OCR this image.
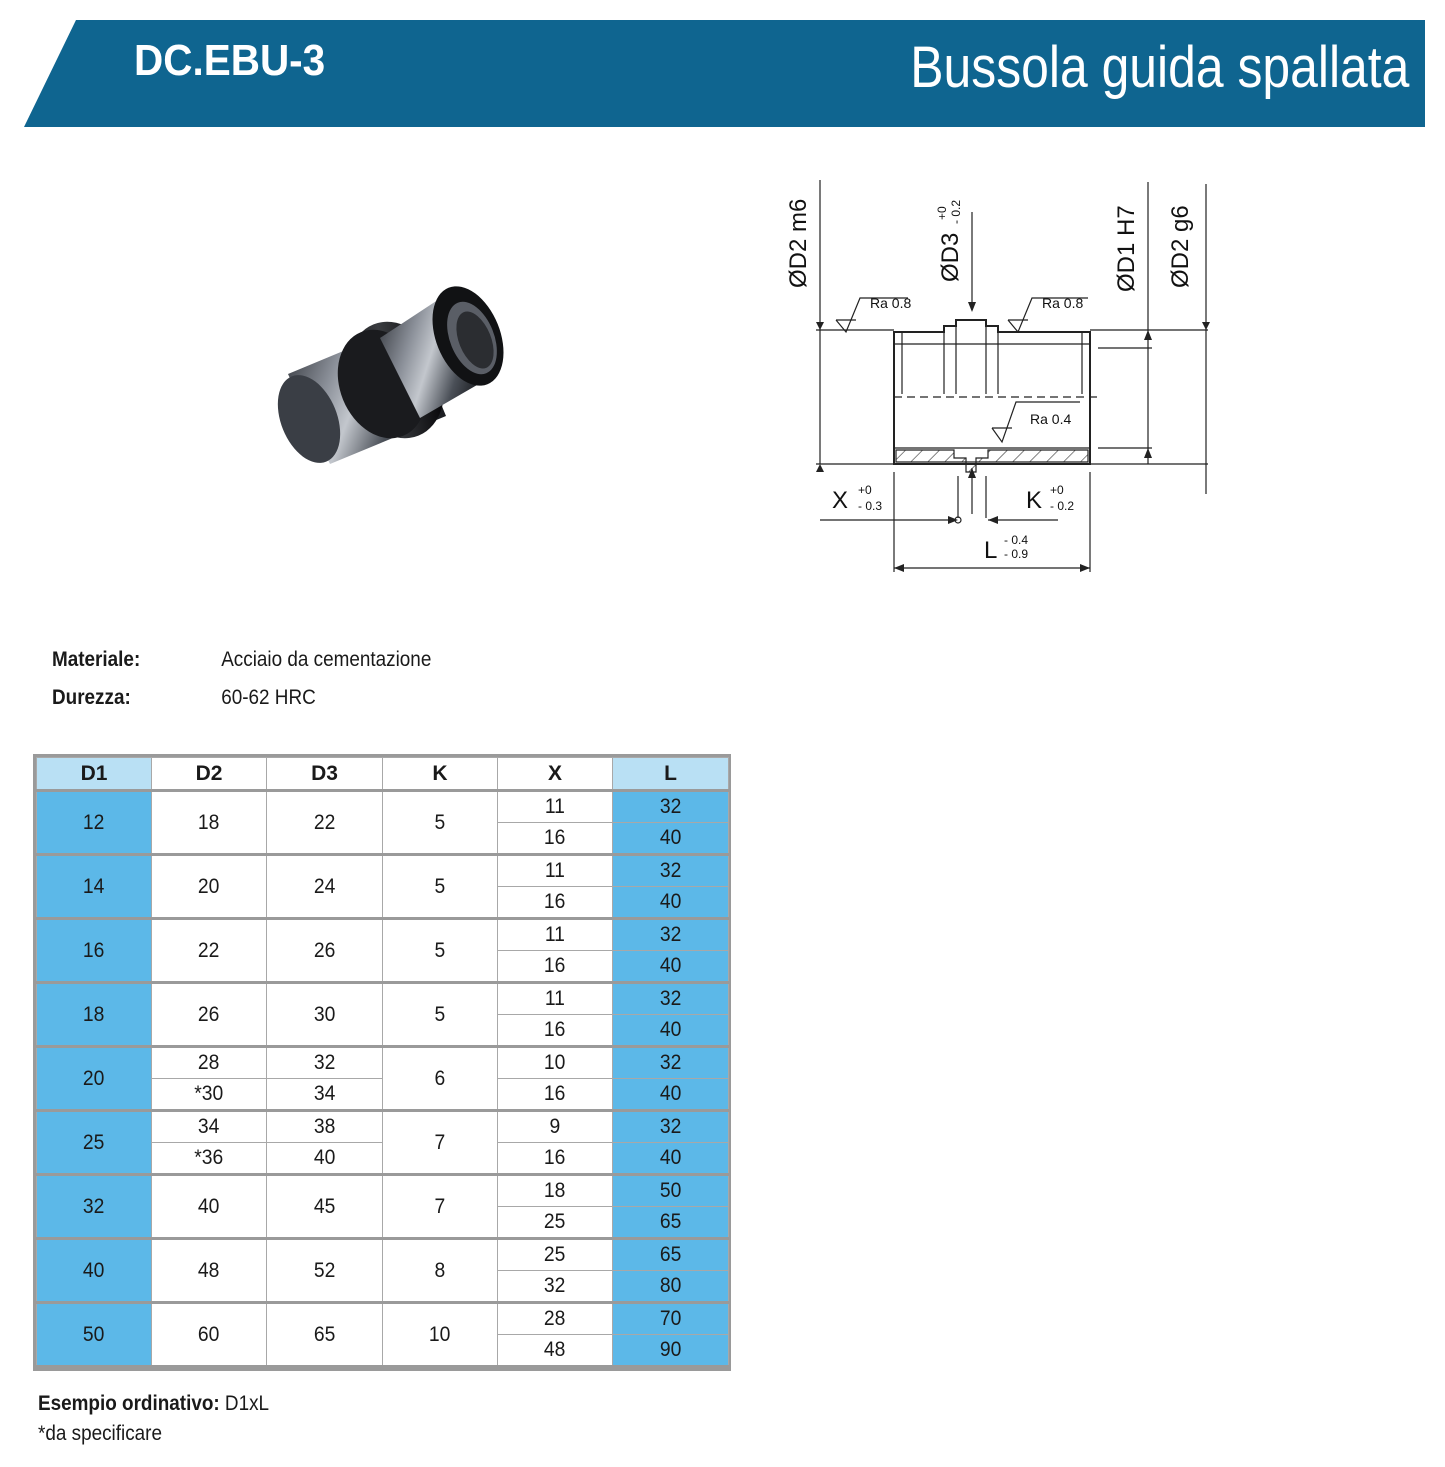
DC.EBU-3	Bussola guida spallata
ØD2 m6	ØD3
+0 - 0.2	ØD1 H7 ØD2 g6
Ra 0.8	Ra 0.8
Ra 0.4
X +0
- 0.3	K +0
- 0.2
L - 0.4
- 0.9
Materiale:	Acciaio da cementazione
Durezza:	60-62 HRC
D1	D2	D3	K	X	L
12	18	22	5	11	32
				16	40
14	20	24	5	11	32
				16	40
16	22	26	5	11	32
				16	40
18	26	30	5	11	32
				16	40
20	28	32	6	10	32
	*30	34		16	40
25	34	38	7	9	32
	*36	40		16	40
32	40	45	7	18	50
				25	65
40	48	52	8	25	65
				32	80
50	60	65	10	28	70
				48	90
Esempio ordinativo: D1xL
*da specificare
